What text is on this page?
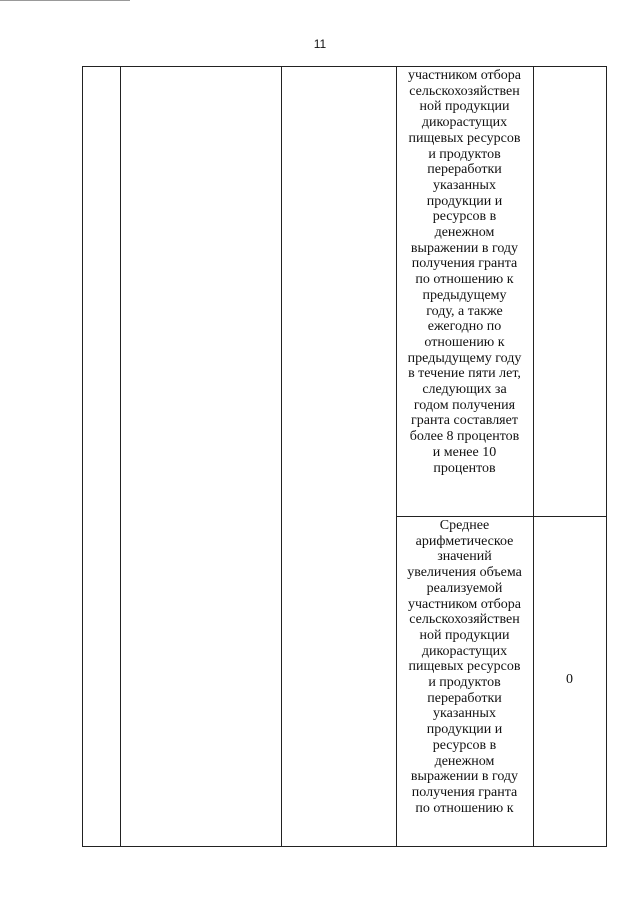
11
участником отбора
сельскохозяйствен
ной продукции
дикорастущих
пищевых ресурсов
и продуктов
переработки
указанных
продукции и
ресурсов в
денежном
выражении в году
получения гранта
по отношению к
предыдущему
году, а также
ежегодно по
отношению к
предыдущему году
в течение пяти лет,
следующих за
годом получения
гранта составляет
более 8 процентов
и менее 10
процентов
Среднее
арифметическое
значений
увеличения объема
реализуемой
участником отбора
сельскохозяйствен
ной продукции
дикорастущих
пищевых ресурсов
и продуктов
переработки
указанных
продукции и
ресурсов в
денежном
выражении в году
получения гранта
по отношению к
0
